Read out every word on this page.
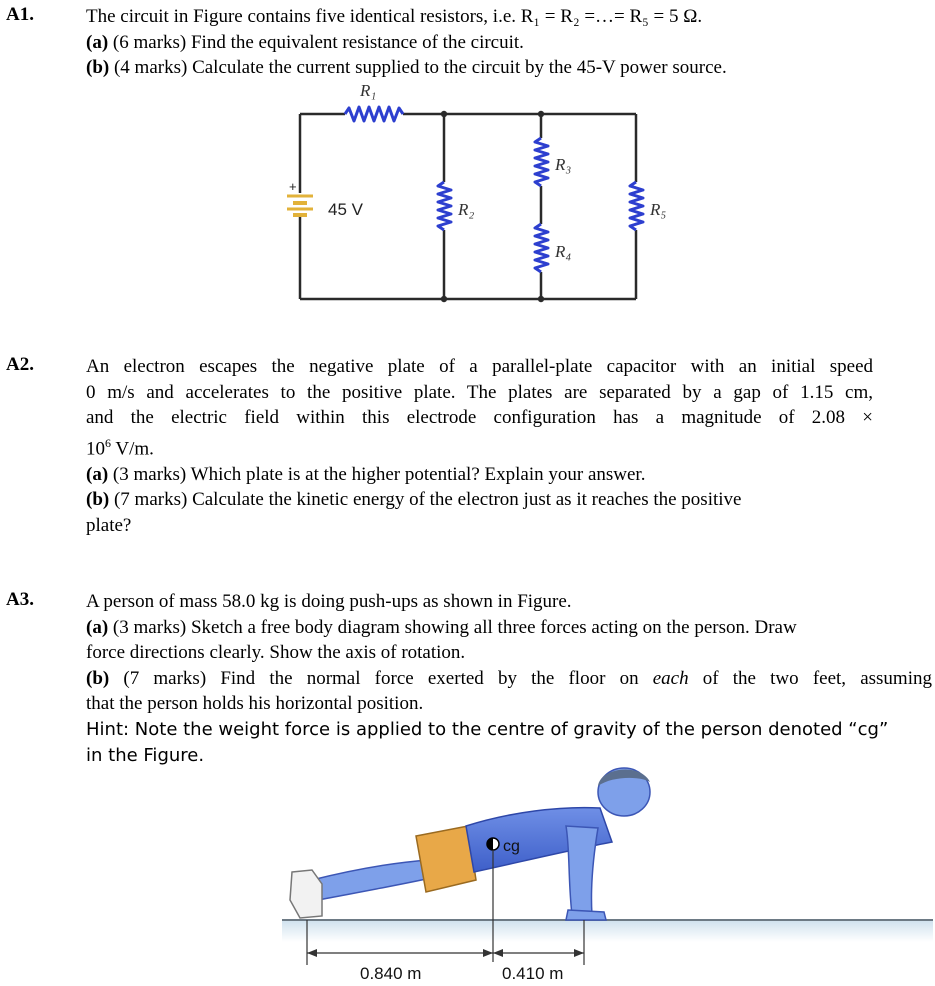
A1.	The circuit in Figure contains five identical resistors, i.e. R₁ = R₂ =…= R₅ = 5 Ω.
(a) (6 marks) Find the equivalent resistance of the circuit.
(b) (4 marks) Calculate the current supplied to the circuit by the 45-V power source.
+
45 V
R₁
R₂
R₃
R₄
R₅
A2.	An electron escapes the negative plate of a parallel-plate capacitor with an initial speed
0 m/s and accelerates to the positive plate. The plates are separated by a gap of 1.15 cm,
and the electric field within this electrode configuration has a magnitude of 2.08 ×
$10^6$ V/m.
(a) (3 marks) Which plate is at the higher potential? Explain your answer.
(b) (7 marks) Calculate the kinetic energy of the electron just as it reaches the positive
plate?
A3.	A person of mass 58.0 kg is doing push-ups as shown in Figure.
(a) (3 marks) Sketch a free body diagram showing all three forces acting on the person. Draw
force directions clearly. Show the axis of rotation.
(b) (7 marks) Find the normal force exerted by the floor on each of the two feet, assuming
that the person holds his horizontal position.
Hint: Note the weight force is applied to the centre of gravity of the person denoted “cg”
in the Figure.
cg
0.840 m	0.410 m
